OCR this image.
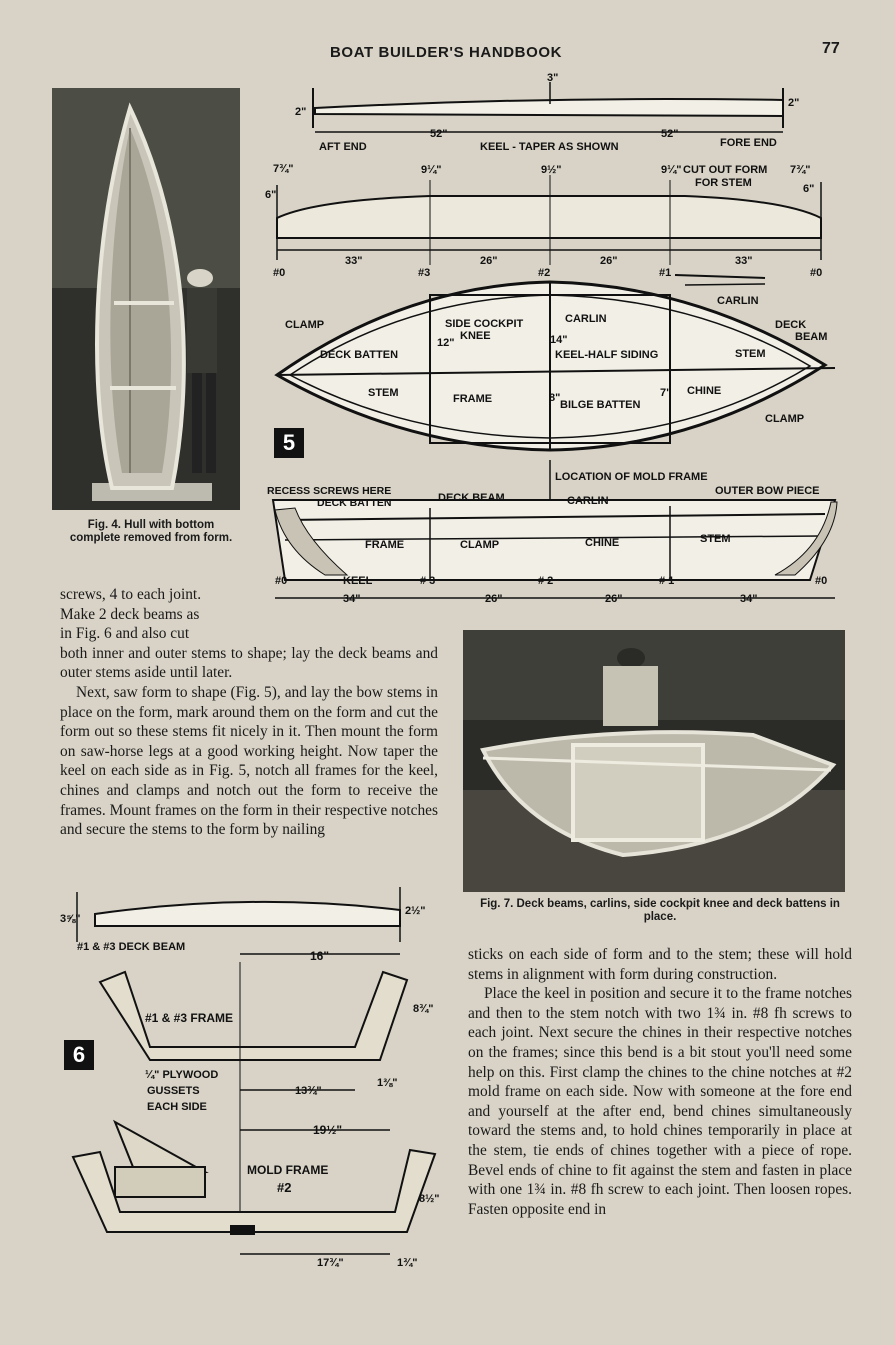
BOAT BUILDER'S HANDBOOK	77
Fig. 4. Hull with bottom complete removed from form.
3"
2"
2"
52"	52"
AFT END	KEEL - TAPER AS SHOWN	FORE END
7¾"
6"
9¼"	9½"	9¼" CUT OUT FORM 7¾"
FOR STEM	6"
33"	26"	26"	33"
#0	#3	#2	#1	#0
CLAMP	SIDE COCKPIT
KNEE
CARLIN
CARLIN
DECK
BEAM
12"	14"
DECK BATTEN	KEEL-HALF SIDING	STEM
STEM	FRAME	8"
BILGE BATTEN
7" CHINE
CLAMP
LOCATION OF MOLD FRAME
RECESS SCREWS HERE
DECK BATTEN	DECK BEAM	CARLIN
OUTER BOW PIECE
FRAME	CLAMP	CHINE	STEM
KEEL
#0	# 3	# 2	# 1	#0
34"	26"	26"	34"
5

screws, 4 to each joint.

Make 2 deck beams as

in Fig. 6 and also cut

both inner and outer stems to shape; lay the deck beams and outer stems aside until later.

Next, saw form to shape (Fig. 5), and lay the bow stems in place on the form, mark around them on the form and cut the form out so these stems fit nicely in it. Then mount the form on saw-horse legs at a good working height. Now taper the keel on each side as in Fig. 5, notch all frames for the keel, chines and clamps and notch out the form to receive the frames. Mount frames on the form in their respective notches and secure the stems to the form by nailing

Fig. 7. Deck beams, carlins, side cockpit knee and deck battens in place.
3⅝"
2½"
#1 & #3 DECK BEAM
16"
#1 & #3 FRAME
8¾"
¼" PLYWOOD
GUSSETS
EACH SIDE
13¾"
1⅜"
19½"
MOLD FRAME
#2
8½"
17¾"	1¾"
6

sticks on each side of form and to the stem; these will hold stems in alignment with form during construction.

Place the keel in position and secure it to the frame notches and then to the stem notch with two 1¾ in. #8 fh screws to each joint. Next secure the chines in their respective notches on the frames; since this bend is a bit stout you'll need some help on this. First clamp the chines to the chine notches at #2 mold frame on each side. Now with someone at the fore end and yourself at the after end, bend chines simultaneously toward the stems and, to hold chines temporarily in place at the stem, tie ends of chines together with a piece of rope. Bevel ends of chine to fit against the stem and fasten in place with one 1¾ in. #8 fh screw to each joint. Then loosen ropes. Fasten opposite end in
